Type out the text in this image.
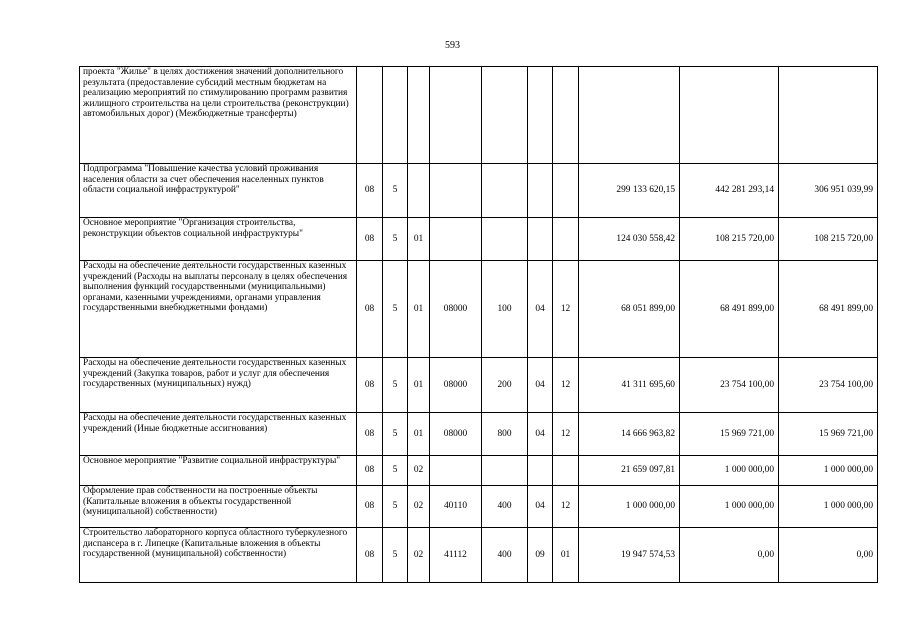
593
проекта "Жилье" в целях достижения значений дополнительного результата (предоставление субсидий местным бюджетам на реализацию мероприятий по стимулированию программ развития жилищного строительства на цели строительства (реконструкции) автомобильных дорог) (Межбюджетные трансферты)										
Подпрограмма "Повышение качества условий проживания населения области за счет обеспечения населенных пунктов области социальной инфраструктурой"	08	5						299 133 620,15	442 281 293,14	306 951 039,99
Основное мероприятие "Организация строительства, реконструкции объектов социальной инфраструктуры"	08	5	01					124 030 558,42	108 215 720,00	108 215 720,00
Расходы на обеспечение деятельности государственных казенных учреждений (Расходы на выплаты персоналу в целях обеспечения выполнения функций государственными (муниципальными) органами, казенными учреждениями, органами управления государственными внебюджетными фондами)	08	5	01	08000	100	04	12	68 051 899,00	68 491 899,00	68 491 899,00
Расходы на обеспечение деятельности государственных казенных учреждений (Закупка товаров, работ и услуг для обеспечения государственных (муниципальных) нужд)	08	5	01	08000	200	04	12	41 311 695,60	23 754 100,00	23 754 100,00
Расходы на обеспечение деятельности государственных казенных учреждений (Иные бюджетные ассигнования)	08	5	01	08000	800	04	12	14 666 963,82	15 969 721,00	15 969 721,00
Основное мероприятие "Развитие социальной инфраструктуры"	08	5	02					21 659 097,81	1 000 000,00	1 000 000,00
Оформление прав собственности на построенные объекты (Капитальные вложения в объекты государственной (муниципальной) собственности)	08	5	02	40110	400	04	12	1 000 000,00	1 000 000,00	1 000 000,00
Строительство лабораторного корпуса областного туберкулезного диспансера в г. Липецке (Капитальные вложения в объекты государственной (муниципальной) собственности)	08	5	02	41112	400	09	01	19 947 574,53	0,00	0,00
